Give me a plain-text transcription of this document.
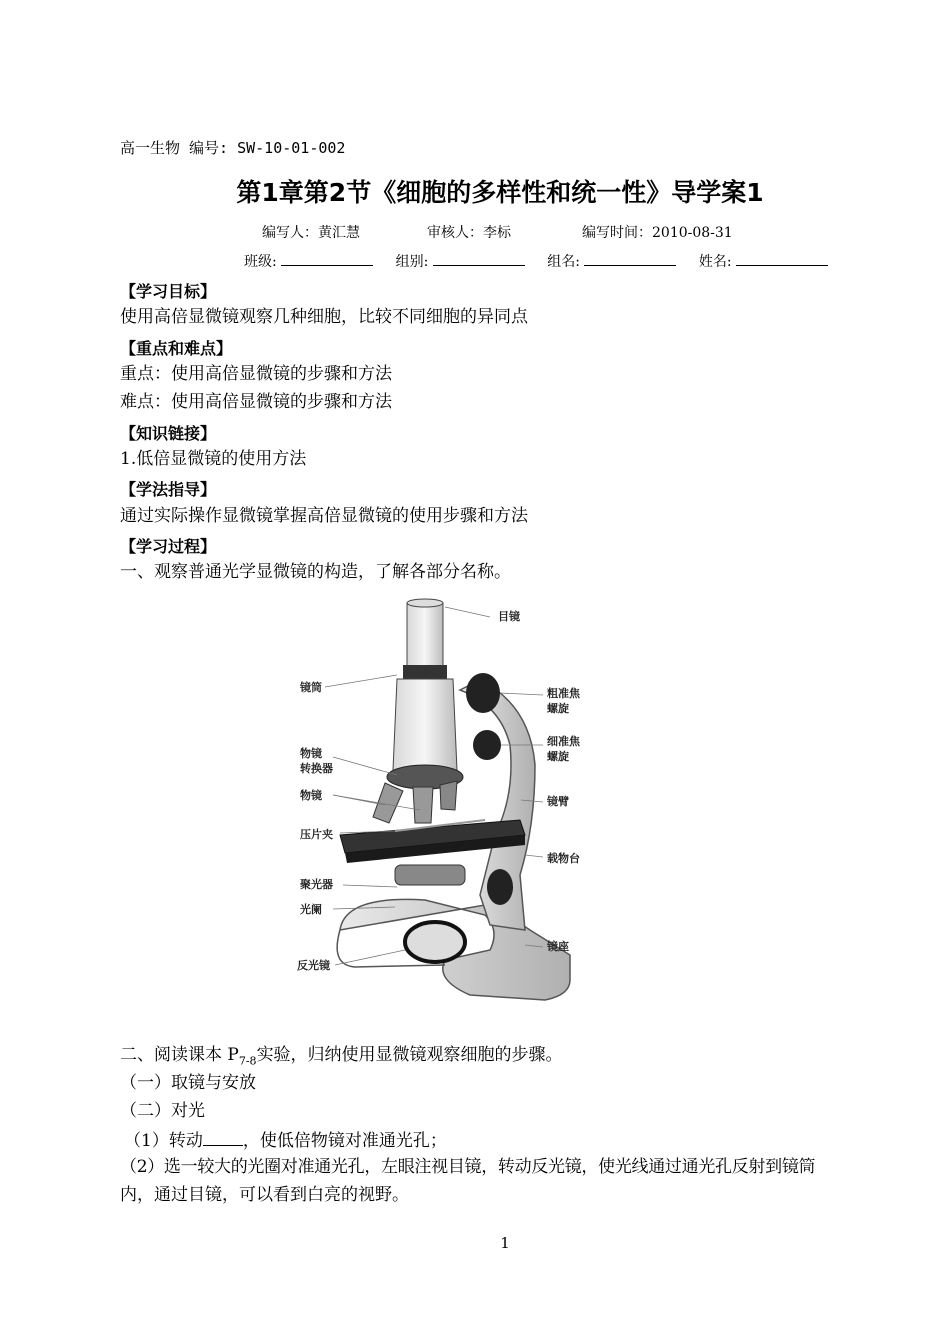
高一生物 编号: SW-10-01-002
第1章第2节《细胞的多样性和统一性》导学案1
编写人：黄汇慧	审核人：李标	编写时间：2010-08-31
班级:	组别:	组名:	姓名:
【学习目标】
使用高倍显微镜观察几种细胞，比较不同细胞的异同点
【重点和难点】
重点：使用高倍显微镜的步骤和方法
难点：使用高倍显微镜的步骤和方法
【知识链接】
1.低倍显微镜的使用方法
【学法指导】
通过实际操作显微镜掌握高倍显微镜的使用步骤和方法
【学习过程】
一、观察普通光学显微镜的构造，了解各部分名称。
目镜
镜筒	粗准焦
螺旋
细准焦
螺旋
物镜
转换器
物镜	镜臂
压片夹
载物台
聚光器
光阑
镜座
反光镜
二、阅读课本 $P_{7-8}$实验，归纳使用显微镜观察细胞的步骤。
（一）取镜与安放
（二）对光
（1）转动 ，使低倍物镜对准通光孔；
（2）选一较大的光圈对准通光孔，左眼注视目镜，转动反光镜，使光线通过通光孔反射到镜筒
内，通过目镜，可以看到白亮的视野。
1
